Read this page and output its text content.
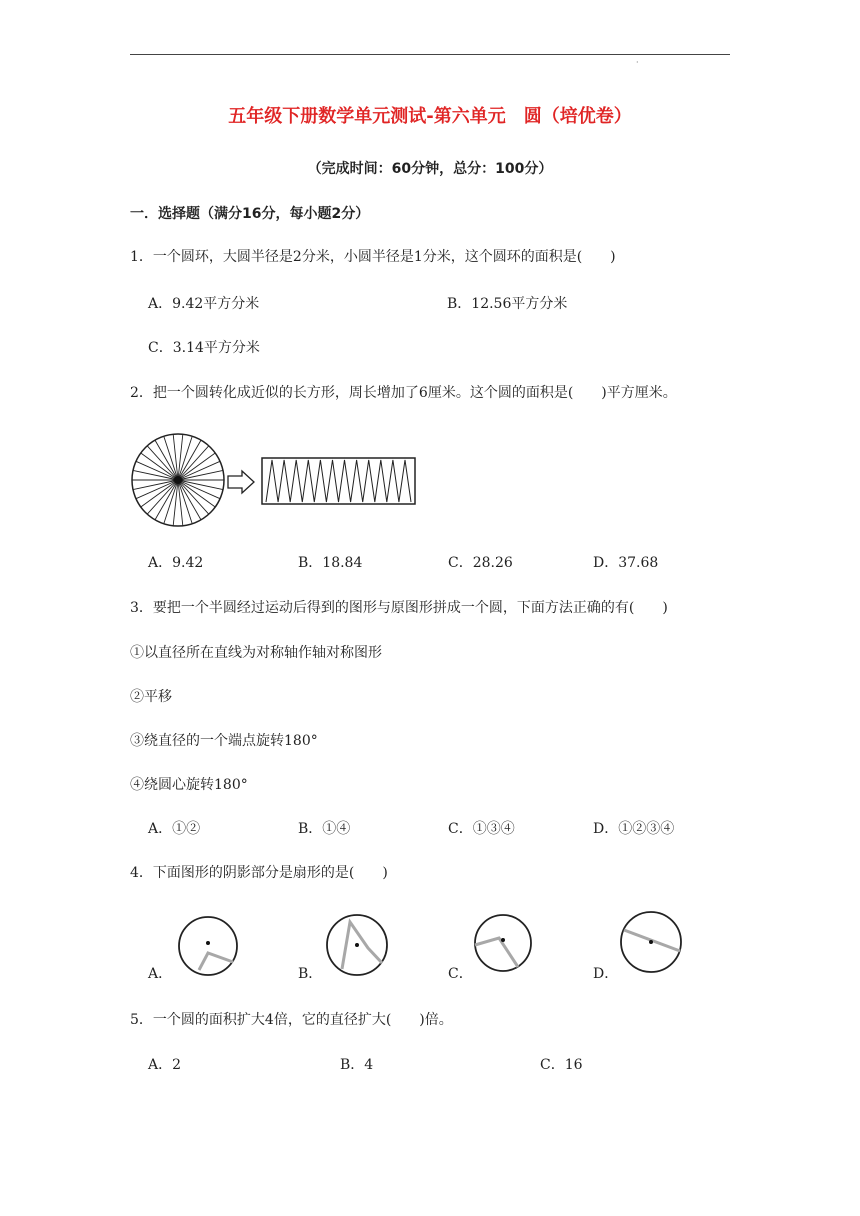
·
五年级下册数学单元测试-第六单元　圆（培优卷）
（完成时间：60分钟，总分：100分）
一．选择题（满分16分，每小题2分）
1．一个圆环，大圆半径是2分米，小圆半径是1分米，这个圆环的面积是(　　)
A．9.42平方分米	B．12.56平方分米
C．3.14平方分米
2．把一个圆转化成近似的长方形，周长增加了6厘米。这个圆的面积是(　　)平方厘米。
A．9.42	B．18.84	C．28.26	D．37.68
3．要把一个半圆经过运动后得到的图形与原图形拼成一个圆，下面方法正确的有(　　)
①以直径所在直线为对称轴作轴对称图形
②平移
③绕直径的一个端点旋转180°
④绕圆心旋转180°
A．①②	B．①④	C．①③④	D．①②③④
4．下面图形的阴影部分是扇形的是(　　)
A．	B．	C．	D．
5．一个圆的面积扩大4倍，它的直径扩大(　　)倍。
A．2	B．4	C．16
